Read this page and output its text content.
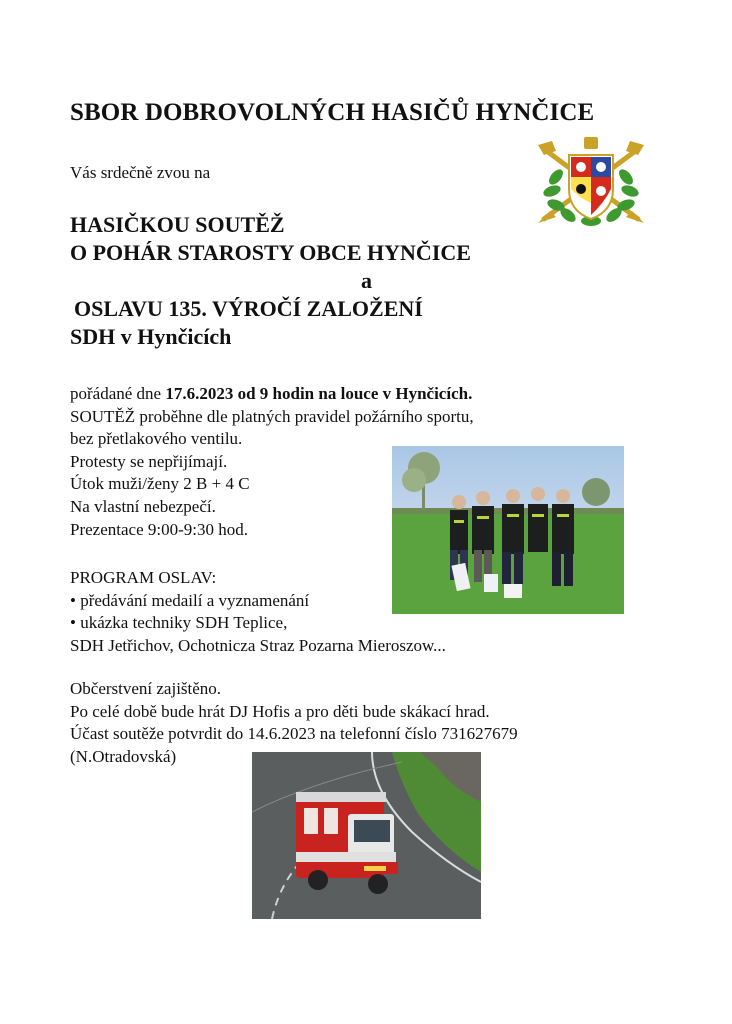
SBOR DOBROVOLNÝCH HASIČŮ HYNČICE
Vás srdečně zvou na
HASIČKOU SOUTĚŽ
O POHÁR STAROSTY OBCE HYNČICE
a
OSLAVU 135. VÝROČÍ ZALOŽENÍ
SDH v Hynčicích
pořádané dne 17.6.2023 od 9 hodin na louce v Hynčicích.
SOUTĚŽ proběhne dle platných pravidel požárního sportu,
bez přetlakového ventilu.
Protesty se nepřijímají.
Útok muži/ženy 2 B + 4 C
Na vlastní nebezpečí.
Prezentace 9:00-9:30 hod.
PROGRAM OSLAV:
• předávání medailí a vyznamenání
• ukázka techniky SDH Teplice,
SDH Jetřichov, Ochotnicza Straz Pozarna Mieroszow...
Občerstvení zajištěno.
Po celé době bude hrát DJ Hofis a pro děti bude skákací hrad.
Účast soutěže potvrdit do 14.6.2023 na telefonní číslo 731627679
(N.Otradovská)
